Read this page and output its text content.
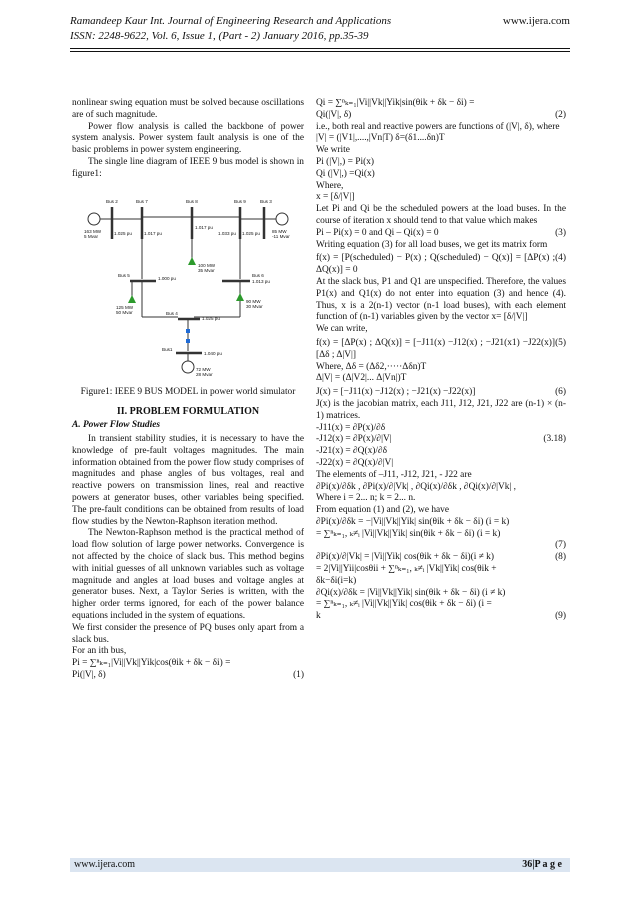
Ramandeep Kaur Int. Journal of Engineering Research and Applications	www.ijera.com
ISSN: 2248-9622, Vol. 6, Issue 1, (Part - 2) January 2016, pp.35-39

nonlinear swing equation must be solved because oscillations are of such magnitude.

Power flow analysis is called the backbone of power system analysis. Power system fault analysis is one of the basic problems in power system engineering.

The single line diagram of IEEE 9 bus model is shown in figure1:

Bus 2	Bus 7	Bus 8	Bus 9	Bus 3
Bus 5	Bus 6
Bus 4
Bus1
163 MW 5 Mvar
85 MW -11 Mvar
1.025 pu	1.017 pu
1.017 pu
1.033 pu 1.025 pu
1.000 pu
1.013 pu
1.025 pu
1.040 pu
100 MW 35 Mvar
125 MW 50 Mvar
90 MW 30 Mvar
72 MW 28 Mvar

Figure1: IEEE 9 BUS MODEL in power world simulator

II. PROBLEM FORMULATION
A. Power Flow Studies

In transient stability studies, it is necessary to have the knowledge of pre-fault voltages magnitudes. The main information obtained from the power flow study comprises of magnitudes and phase angles of bus voltages, real and reactive powers on transmission lines, real and reactive powers at generator buses, other variables being specified. The pre-fault conditions can be obtained from results of load flow studies by the Newton-Raphson iteration method.

The Newton-Raphson method is the practical method of load flow solution of large power networks. Convergence is not affected by the choice of slack bus. This method begins with initial guesses of all unknown variables such as voltage magnitude and angles at load buses and voltage angles at generator buses. Next, a Taylor Series is written, with the higher order terms ignored, for each of the power balance equations included in the system of equations.

We first consider the presence of PQ buses only apart from a slack bus.

For an ith bus,

Pi = ∑ⁿₖ₌₁|Vi||Vk||Yik|cos(θik + δk − δi) =

Pi(|V|, δ)	(1)

Qi = ∑ⁿₖ₌₁|Vi||Vk||Yik|sin(θik + δk − δi) =

Qi(|V|, δ)	(2)

i.e., both real and reactive powers are functions of (|V|, δ), where

|V| = (|V1|,....,|Vn|T) δ=(δ1....δn)T

We write

Pi (|V|,) = Pi(x)

Qi (|V|,) =Qi(x)

Where,

x = [δ/|V|]

Let Pi and Qi be the scheduled powers at the load buses. In the course of iteration x should tend to that value which makes

Pi – Pi(x) = 0 and Qi – Qi(x) = 0	(3)

Writing equation (3) for all load buses, we get its matrix form

f(x) = [P(scheduled) − P(x) ; Q(scheduled) − Q(x)] = [ΔP(x) ; ΔQ(x)] = 0
(4)

At the slack bus, P1 and Q1 are unspecified. Therefore, the values P1(x) and Q1(x) do not enter into equation (3) and hence (4). Thus, x is a 2(n-1) vector (n-1 load buses), with each element function of (n-1) variables given by the vector x= [δ/|V|]

We can write,

f(x) = [ΔP(x) ; ΔQ(x)] = [−J11(x) −J12(x) ; −J21(x1) −J22(x)] [Δδ ; Δ|V|]
(5)

Where, Δδ = (Δδ2,·····Δδn)T

Δ|V| = (Δ|V2|... Δ|Vn|)T

J(x) = [−J11(x) −J12(x) ; −J21(x) −J22(x)]	(6)

J(x) is the jacobian matrix, each J11, J12, J21, J22 are (n-1) × (n-1) matrices.

-J11(x) = ∂P(x)/∂δ

-J12(x) = ∂P(x)/∂|V|	(3.18)

-J21(x) = ∂Q(x)/∂δ

-J22(x) = ∂Q(x)/∂|V|

The elements of –J11, -J12, J21, - J22 are

∂Pi(x)/∂δk , ∂Pi(x)/∂|Vk| , ∂Qi(x)/∂δk , ∂Qi(x)/∂|Vk| ,

Where i = 2... n; k = 2... n.

From equation (1) and (2), we have

∂Pi(x)/∂δk = −|Vi||Vk||Yik| sin(θik + δk − δi) (i = k)

= ∑ⁿₖ₌₁, ₖ≠ᵢ |Vi||Vk||Yik| sin(θik + δk − δi) (i = k)

(7)
∂Pi(x)/∂|Vk| = |Vi||Yik| cos(θik + δk − δi)(i ≠ k)	(8)

= 2|Vi||Yii|cosθii + ∑ⁿₖ₌₁, ₖ≠ᵢ |Vk||Yik| cos(θik +

δk−δi(i=k)

∂Qi(x)/∂δk = |Vi||Vk||Yik| sin(θik + δk − δi) (i ≠ k)

= ∑ⁿₖ₌₁, ₖ≠ᵢ |Vi||Vk||Yik| cos(θik + δk − δi) (i =

k	(9)
www.ijera.com	36|P a g e
